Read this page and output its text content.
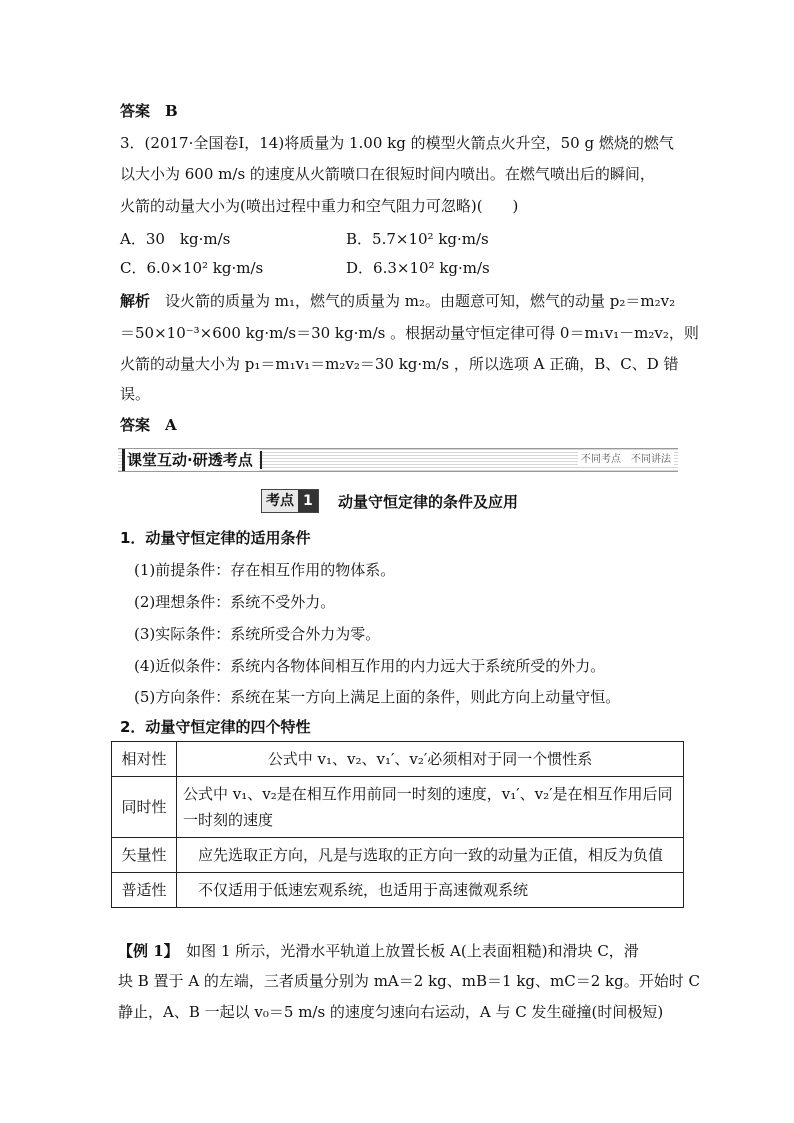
答案　B
3．(2017·全国卷Ⅰ，14)将质量为 1.00 kg 的模型火箭点火升空，50 g 燃烧的燃气
以大小为 600 m/s 的速度从火箭喷口在很短时间内喷出。在燃气喷出后的瞬间，
火箭的动量大小为(喷出过程中重力和空气阻力可忽略)(　　)
A．30　kg·m/s	B．5.7×10² kg·m/s
C．6.0×10² kg·m/s	D．6.3×10² kg·m/s
解析　设火箭的质量为 m₁，燃气的质量为 m₂。由题意可知，燃气的动量 p₂＝m₂v₂
＝50×10⁻³×600 kg·m/s＝30 kg·m/s 。根据动量守恒定律可得 0＝m₁v₁－m₂v₂，则
火箭的动量大小为 p₁＝m₁v₁＝m₂v₂＝30 kg·m/s ，所以选项 A 正确，B、C、D 错
误。
答案　A
课堂互动·研透考点	不同考点　不同讲法
考点 1	动量守恒定律的条件及应用
1．动量守恒定律的适用条件
(1)前提条件：存在相互作用的物体系。
(2)理想条件：系统不受外力。
(3)实际条件：系统所受合外力为零。
(4)近似条件：系统内各物体间相互作用的内力远大于系统所受的外力。
(5)方向条件：系统在某一方向上满足上面的条件，则此方向上动量守恒。
2．动量守恒定律的四个特性
相对性	公式中 v₁、v₂、v₁′、v₂′必须相对于同一个惯性系
同时性	公式中 v₁、v₂是在相互作用前同一时刻的速度，v₁′、v₂′是在相互作用后同一时刻的速度
矢量性	　应先选取正方向，凡是与选取的正方向一致的动量为正值，相反为负值
普适性	　不仅适用于低速宏观系统，也适用于高速微观系统
【例 1】　如图 1 所示，光滑水平轨道上放置长板 A(上表面粗糙)和滑块 C，滑
块 B 置于 A 的左端，三者质量分别为 mA＝2 kg、mB＝1 kg、mC＝2 kg。开始时 C
静止，A、B 一起以 v₀＝5 m/s 的速度匀速向右运动，A 与 C 发生碰撞(时间极短)
